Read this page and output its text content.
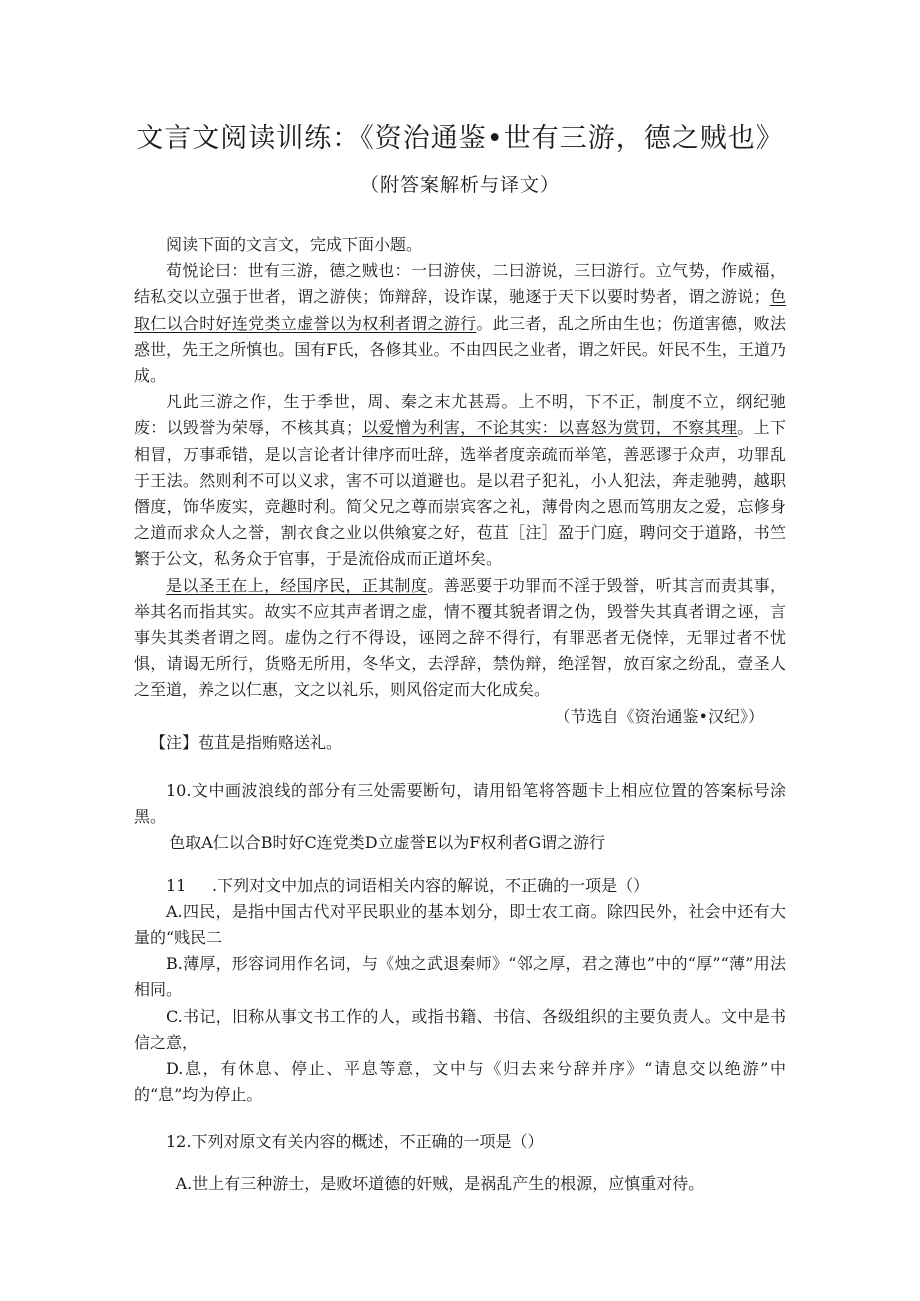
文言文阅读训练：《资治通鉴•世有三游，德之贼也》
（附答案解析与译文）

阅读下面的文言文，完成下面小题。

荀悦论曰：世有三游，德之贼也：一曰游侠，二曰游说，三曰游行。立气势，作威福，结私交以立强于世者，谓之游侠；饰辩辞，设诈谋，驰逐于天下以要时势者，谓之游说；色取仁以合时好连党类立虚誉以为权利者谓之游行。此三者，乱之所由生也；伤道害德，败法惑世，先王之所慎也。国有F氏，各修其业。不由四民之业者，谓之奸民。奸民不生，王道乃成。

凡此三游之作，生于季世，周、秦之末尤甚焉。上不明，下不正，制度不立，纲纪驰废：以毁誉为荣辱，不核其真；以爱憎为利害，不论其实：以喜怒为赏罚，不察其理。上下相冒，万事乖错，是以言论者计律序而吐辞，选举者度亲疏而举笔，善恶谬于众声，功罪乱于王法。然则利不可以义求，害不可以道避也。是以君子犯礼，小人犯法，奔走驰骋，越职僭度，饰华废实，竞趣时利。简父兄之尊而崇宾客之礼，薄骨肉之恩而笃朋友之爱，忘修身之道而求众人之誉，割衣食之业以供飨宴之好，苞苴［注］盈于门庭，聘问交于道路，书竺繁于公文，私务众于官事，于是流俗成而正道坏矣。

是以圣王在上，经国序民，正其制度。善恶要于功罪而不淫于毁誉，听其言而责其事，举其名而指其实。故实不应其声者谓之虚，情不覆其貌者谓之伪，毁誉失其真者谓之诬，言事失其类者谓之罔。虚伪之行不得设，诬罔之辞不得行，有罪恶者无侥悻，无罪过者不忧惧，请谒无所行，货赂无所用，冬华文，去浮辞，禁伪辩，绝淫智，放百家之纷乱，壹圣人之至道，养之以仁惠，文之以礼乐，则风俗定而大化成矣。

（节选自《资治通鉴•汉纪》）

【注】苞苴是指贿赂送礼。

10.文中画波浪线的部分有三处需要断句，请用铅笔将答题卡上相应位置的答案标号涂黑。

色取A仁以合B时好C连党类D立虚誉E以为F权利者G谓之游行

11 .下列对文中加点的词语相关内容的解说，不正确的一项是（）

A.四民，是指中国古代对平民职业的基本划分，即士农工商。除四民外，社会中还有大量的“贱民二

B.薄厚，形容词用作名词，与《烛之武退秦师》“邻之厚，君之薄也”中的“厚”“薄”用法相同。

C.书记，旧称从事文书工作的人，或指书籍、书信、各级组织的主要负责人。文中是书信之意，

D.息，有休息、停止、平息等意，文中与《归去来兮辞并序》“请息交以绝游”中的“息”均为停止。

12.下列对原文有关内容的概述，不正确的一项是（）

A.世上有三种游士，是败坏道德的奸贼，是祸乱产生的根源，应慎重对待。
